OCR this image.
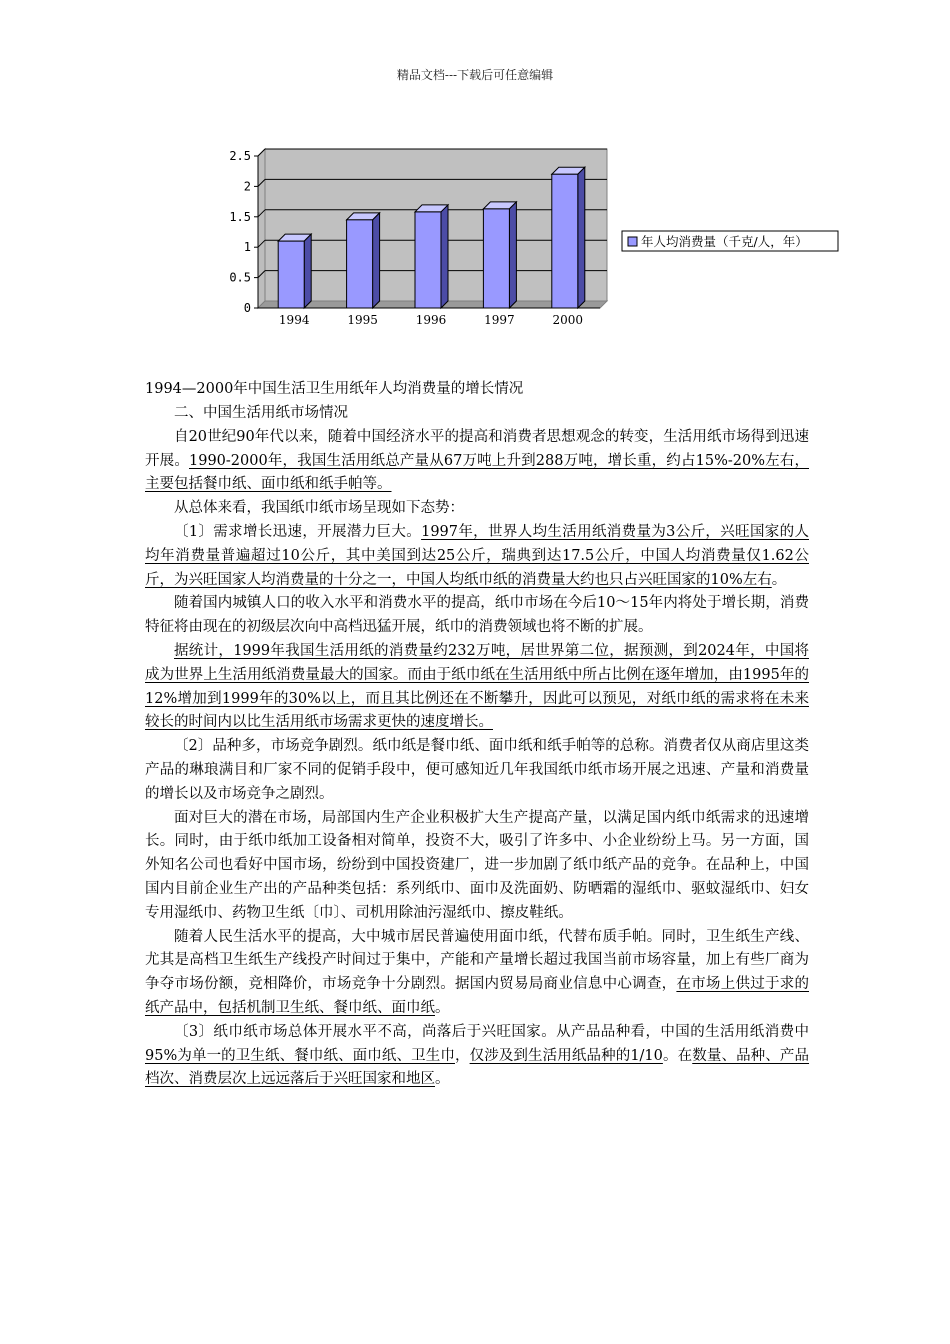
精品文档---下载后可任意编辑
0
0.5
1
1.5
2
2.5
1994	1995	1996	1997	2000
年人均消费量（千克/人，年）
1994—2000年中国生活卫生用纸年人均消费量的增长情况

二、中国生活用纸市场情况

自20世纪90年代以来，随着中国经济水平的提高和消费者思想观念的转变，生活用纸市场得到迅速开展。1990-2000年，我国生活用纸总产量从67万吨上升到288万吨，增长重，约占15%-20%左右，主要包括餐巾纸、面巾纸和纸手帕等。

从总体来看，我国纸巾纸市场呈现如下态势：

〔1〕需求增长迅速，开展潜力巨大。1997年，世界人均生活用纸消费量为3公斤，兴旺国家的人均年消费量普遍超过10公斤，其中美国到达25公斤，瑞典到达17.5公斤，中国人均消费量仅1.62公斤，为兴旺国家人均消费量的十分之一，中国人均纸巾纸的消费量大约也只占兴旺国家的10%左右。

随着国内城镇人口的收入水平和消费水平的提高，纸巾市场在今后10～15年内将处于增长期，消费特征将由现在的初级层次向中高档迅猛开展，纸巾的消费领域也将不断的扩展。

据统计，1999年我国生活用纸的消费量约232万吨，居世界第二位，据预测，到2024年，中国将成为世界上生活用纸消费量最大的国家。而由于纸巾纸在生活用纸中所占比例在逐年增加，由1995年的12%增加到1999年的30%以上，而且其比例还在不断攀升，因此可以预见，对纸巾纸的需求将在未来较长的时间内以比生活用纸市场需求更快的速度增长。

〔2〕品种多，市场竞争剧烈。纸巾纸是餐巾纸、面巾纸和纸手帕等的总称。消费者仅从商店里这类产品的琳琅满目和厂家不同的促销手段中，便可感知近几年我国纸巾纸市场开展之迅速、产量和消费量的增长以及市场竞争之剧烈。

面对巨大的潜在市场，局部国内生产企业积极扩大生产提高产量，以满足国内纸巾纸需求的迅速增长。同时，由于纸巾纸加工设备相对简单，投资不大，吸引了许多中、小企业纷纷上马。另一方面，国外知名公司也看好中国市场，纷纷到中国投资建厂，进一步加剧了纸巾纸产品的竞争。在品种上，中国国内目前企业生产出的产品种类包括：系列纸巾、面巾及洗面奶、防晒霜的湿纸巾、驱蚊湿纸巾、妇女专用湿纸巾、药物卫生纸〔巾〕、司机用除油污湿纸巾、擦皮鞋纸。

随着人民生活水平的提高，大中城市居民普遍使用面巾纸，代替布质手帕。同时，卫生纸生产线、尤其是高档卫生纸生产线投产时间过于集中，产能和产量增长超过我国当前市场容量，加上有些厂商为争夺市场份额，竞相降价，市场竞争十分剧烈。据国内贸易局商业信息中心调查，在市场上供过于求的纸产品中，包括机制卫生纸、餐巾纸、面巾纸。

〔3〕纸巾纸市场总体开展水平不高，尚落后于兴旺国家。从产品品种看，中国的生活用纸消费中95%为单一的卫生纸、餐巾纸、面巾纸、卫生巾，仅涉及到生活用纸品种的1/10。在数量、品种、产品档次、消费层次上远远落后于兴旺国家和地区。
